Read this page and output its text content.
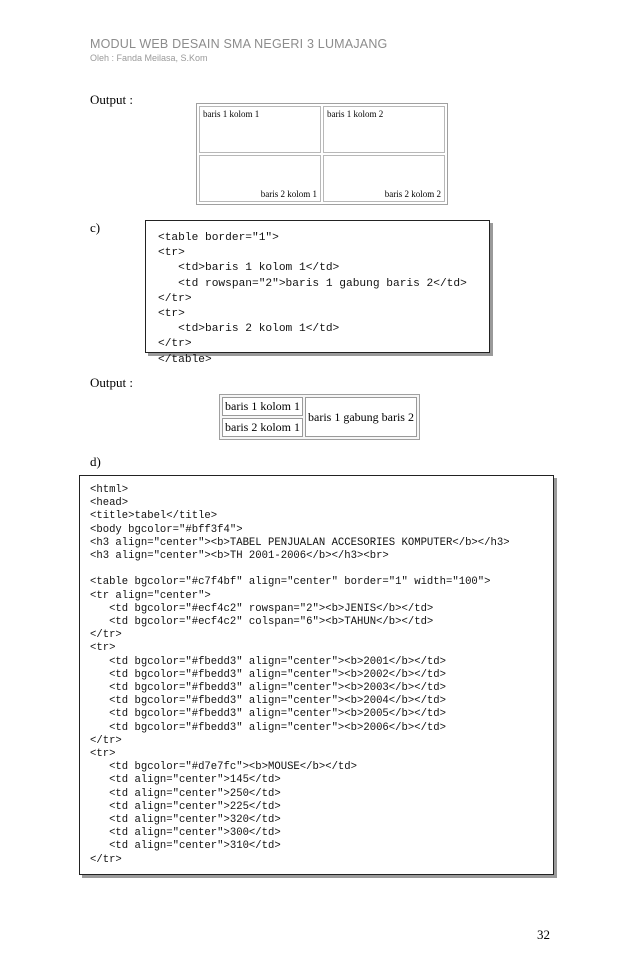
MODUL WEB DESAIN SMA NEGERI 3 LUMAJANG
Oleh : Fanda Meilasa, S.Kom
Output :
baris 1 kolom 1	baris 1 kolom 2
baris 2 kolom 1	baris 2 kolom 2
c)
<table border="1">
<tr>
<td>baris 1 kolom 1</td>
<td rowspan="2">baris 1 gabung baris 2</td>
</tr>
<tr>
<td>baris 2 kolom 1</td>
</tr>
</table>
Output :
baris 1 kolom 1	baris 1 gabung baris 2
baris 2 kolom 1
d)
<html>
<head>
<title>tabel</title>
<body bgcolor="#bff3f4">
<h3 align="center"><b>TABEL PENJUALAN ACCESORIES KOMPUTER</b></h3>
<h3 align="center"><b>TH 2001-2006</b></h3><br>

<table bgcolor="#c7f4bf" align="center" border="1" width="100">
<tr align="center">
<td bgcolor="#ecf4c2" rowspan="2"><b>JENIS</b></td>
<td bgcolor="#ecf4c2" colspan="6"><b>TAHUN</b></td>
</tr>
<tr>
<td bgcolor="#fbedd3" align="center"><b>2001</b></td>
<td bgcolor="#fbedd3" align="center"><b>2002</b></td>
<td bgcolor="#fbedd3" align="center"><b>2003</b></td>
<td bgcolor="#fbedd3" align="center"><b>2004</b></td>
<td bgcolor="#fbedd3" align="center"><b>2005</b></td>
<td bgcolor="#fbedd3" align="center"><b>2006</b></td>
</tr>
<tr>
<td bgcolor="#d7e7fc"><b>MOUSE</b></td>
<td align="center">145</td>
<td align="center">250</td>
<td align="center">225</td>
<td align="center">320</td>
<td align="center">300</td>
<td align="center">310</td>
</tr>
32
